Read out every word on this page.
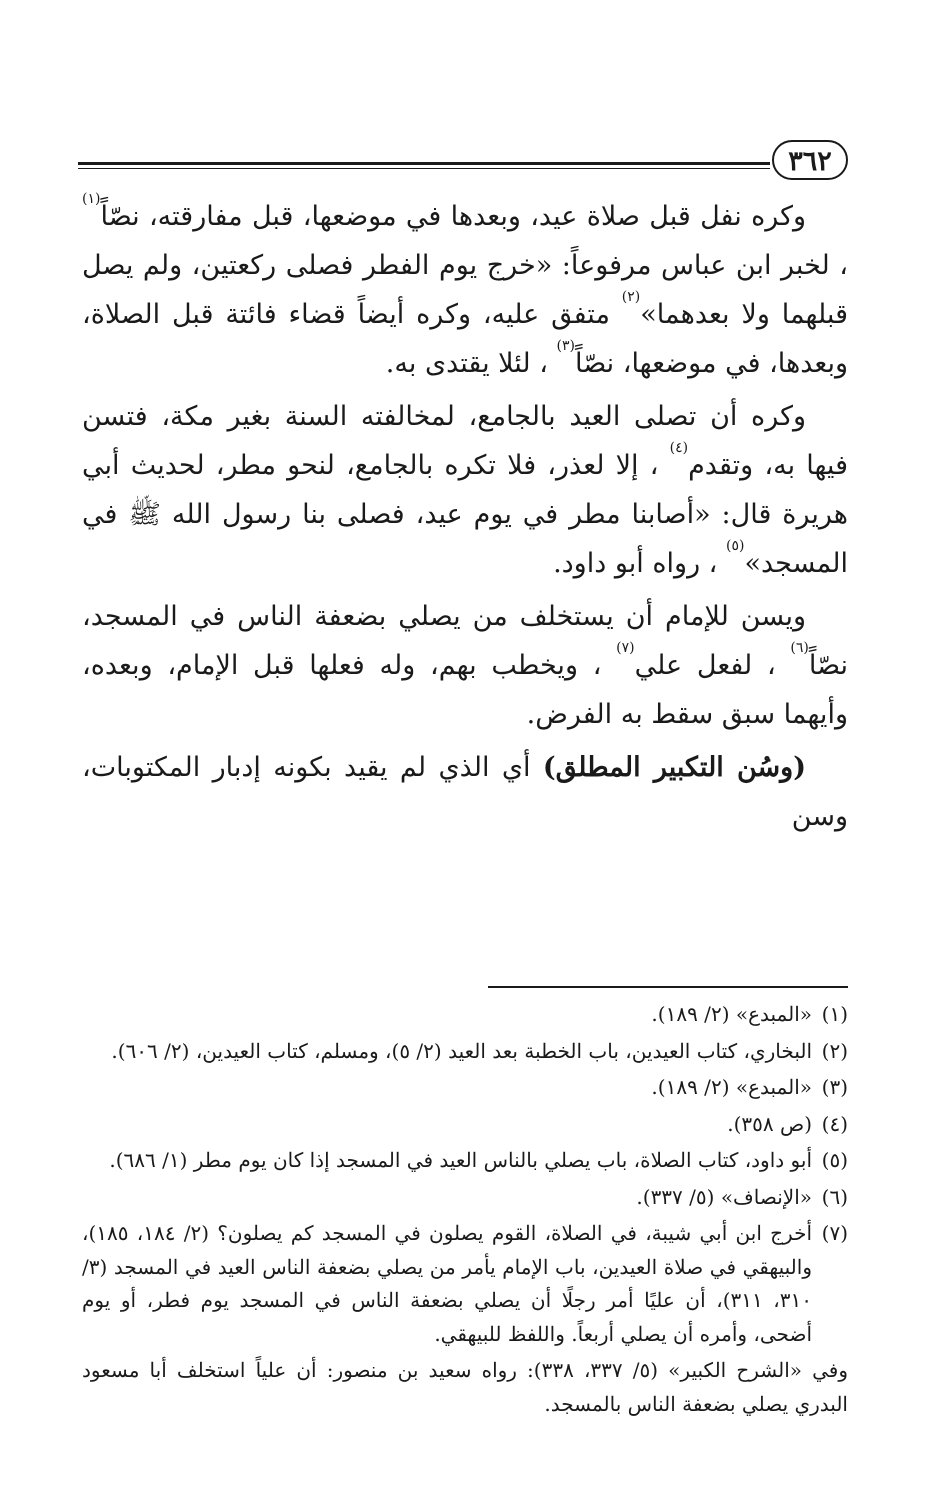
٣٦٢

وكره نفل قبل صلاة عيد، وبعدها في موضعها، قبل مفارقته، نصّاً$^{(١)}$ ، لخبر ابن عباس مرفوعاً: «خرج يوم الفطر فصلى ركعتين، ولم يصل قبلهما ولا بعدهما»$^{(٢)}$ متفق عليه، وكره أيضاً قضاء فائتة قبل الصلاة، وبعدها، في موضعها، نصّاً$^{(٣)}$ ، لئلا يقتدى به.

وكره أن تصلى العيد بالجامع، لمخالفته السنة بغير مكة، فتسن فيها به، وتقدم$^{(٤)}$ ، إلا لعذر، فلا تكره بالجامع، لنحو مطر، لحديث أبي هريرة قال: «أصابنا مطر في يوم عيد، فصلى بنا رسول الله ﷺ في المسجد»$^{(٥)}$ ، رواه أبو داود.

ويسن للإمام أن يستخلف من يصلي بضعفة الناس في المسجد، نصّاً$^{(٦)}$ ، لفعل علي$^{(٧)}$ ، ويخطب بهم، وله فعلها قبل الإمام، وبعده، وأيهما سبق سقط به الفرض.

(وسُن التكبير المطلق) أي الذي لم يقيد بكونه إدبار المكتوبات، وسن

(١)
«المبدع» (٢/ ١٨٩).

(٢)
البخاري، كتاب العيدين، باب الخطبة بعد العيد (٢/ ٥)، ومسلم، كتاب العيدين، (٢/ ٦٠٦).

(٣)
«المبدع» (٢/ ١٨٩).

(٤)
(ص ٣٥٨).

(٥)
أبو داود، كتاب الصلاة، باب يصلي بالناس العيد في المسجد إذا كان يوم مطر (١/ ٦٨٦).

(٦)
«الإنصاف» (٥/ ٣٣٧).

(٧)
أخرج ابن أبي شيبة، في الصلاة، القوم يصلون في المسجد كم يصلون؟ (٢/ ١٨٤، ١٨٥)، والبيهقي في صلاة العيدين، باب الإمام يأمر من يصلي بضعفة الناس العيد في المسجد (٣/ ٣١٠، ٣١١)، أن عليًا أمر رجلًا أن يصلي بضعفة الناس في المسجد يوم فطر، أو يوم أضحى، وأمره أن يصلي أربعاً. واللفظ للبيهقي.

وفي «الشرح الكبير» (٥/ ٣٣٧، ٣٣٨): رواه سعيد بن منصور: أن علياً استخلف أبا مسعود البدري يصلي بضعفة الناس بالمسجد.
